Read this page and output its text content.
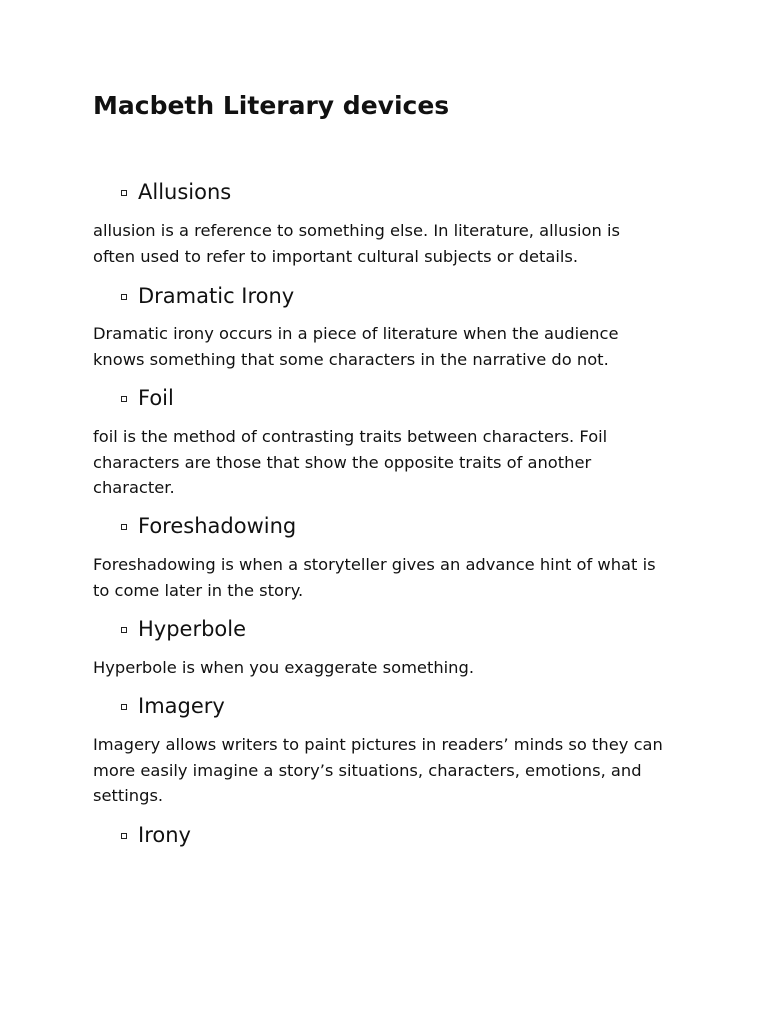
Macbeth Literary devices
Allusions

allusion is a reference to something else. In literature, allusion is
often used to refer to important cultural subjects or details.

Dramatic Irony

Dramatic irony occurs in a piece of literature when the audience
knows something that some characters in the narrative do not.

Foil

foil is the method of contrasting traits between characters. Foil
characters are those that show the opposite traits of another
character.

Foreshadowing

Foreshadowing is when a storyteller gives an advance hint of what is
to come later in the story.

Hyperbole

Hyperbole is when you exaggerate something.

Imagery

Imagery allows writers to paint pictures in readers’ minds so they can
more easily imagine a story’s situations, characters, emotions, and
settings.

Irony
